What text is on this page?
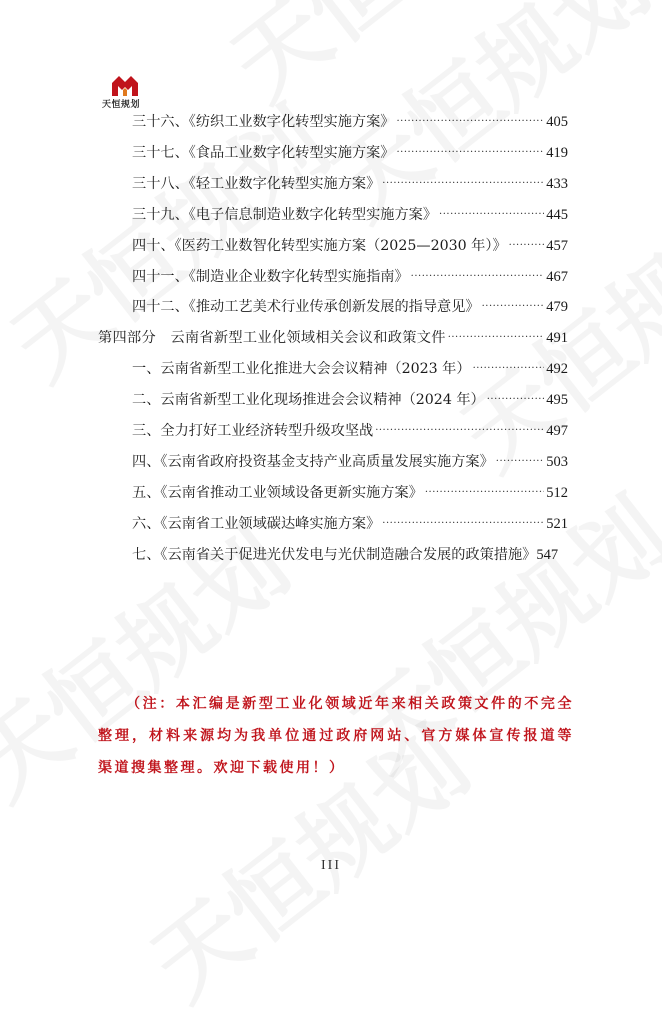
天恒规划
三十六、《纺织工业数字化转型实施方案》 ·····	405
三十七、《食品工业数字化转型实施方案》 ·····	419
三十八、《轻工业数字化转型实施方案》 ·····	433
三十九、《电子信息制造业数字化转型实施方案》 ·····	445
四十、《医药工业数智化转型实施方案（2025—2030 年）》 ·····	457
四十一、《制造业企业数字化转型实施指南》 ·····	467
四十二、《推动工艺美术行业传承创新发展的指导意见》 ·····	479
第四部分　云南省新型工业化领域相关会议和政策文件 ·····	491
一、云南省新型工业化推进大会会议精神（2023 年） ·····	492
二、云南省新型工业化现场推进会会议精神（2024 年） ·····	495
三、全力打好工业经济转型升级攻坚战 ·····	497
四、《云南省政府投资基金支持产业高质量发展实施方案》 ·····	503
五、《云南省推动工业领域设备更新实施方案》 ·····	512
六、《云南省工业领域碳达峰实施方案》 ·····	521
七、《云南省关于促进光伏发电与光伏制造融合发展的政策措施》 547
（注：本汇编是新型工业化领域近年来相关政策文件的不完全整理，材料来源均为我单位通过政府网站、官方媒体宣传报道等渠道搜集整理。欢迎下载使用！）
III
